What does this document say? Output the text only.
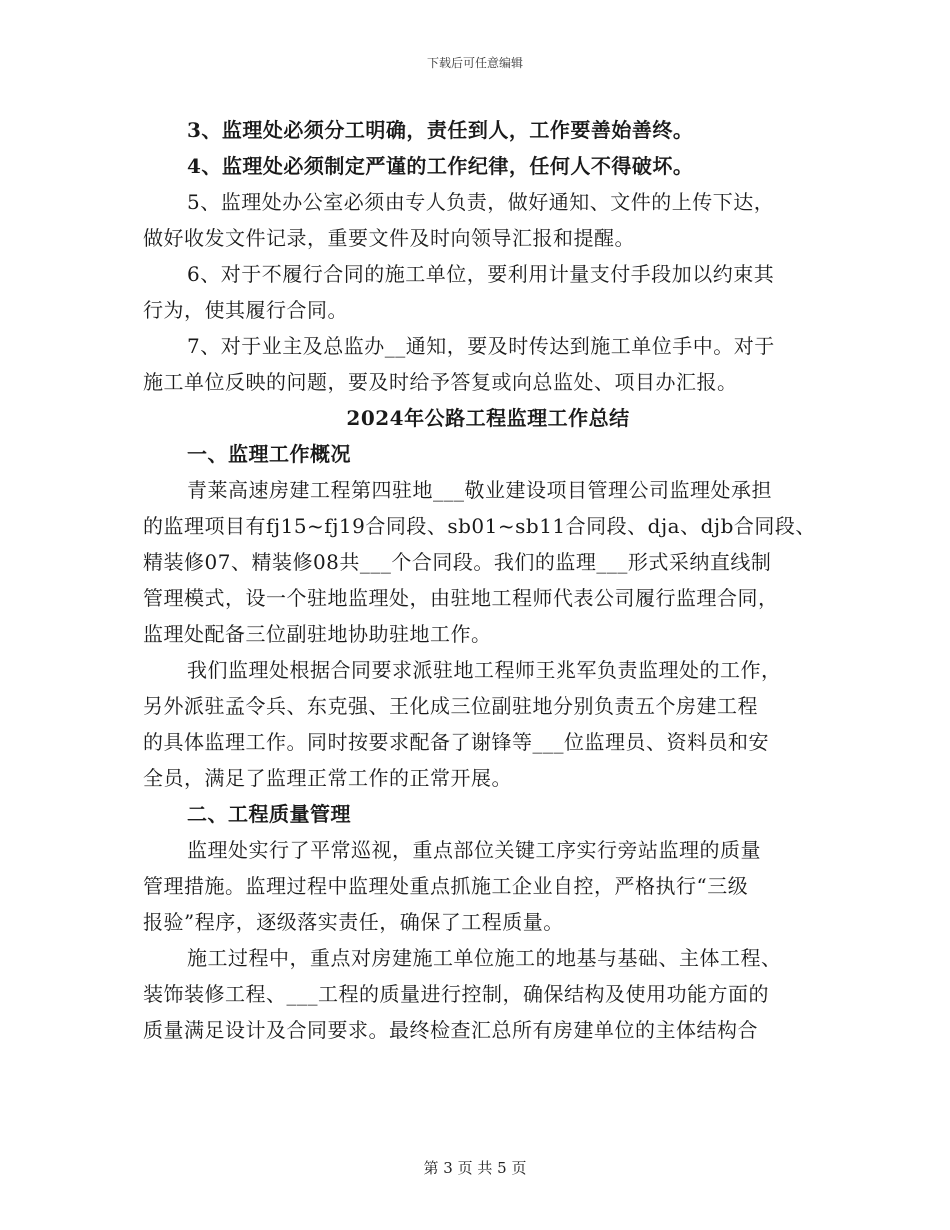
下载后可任意编辑
3、监理处必须分工明确，责任到人，工作要善始善终。
4、监理处必须制定严谨的工作纪律，任何人不得破坏。
5、监理处办公室必须由专人负责，做好通知、文件的上传下达，
做好收发文件记录，重要文件及时向领导汇报和提醒。
6、对于不履行合同的施工单位，要利用计量支付手段加以约束其
行为，使其履行合同。
7、对于业主及总监办__通知，要及时传达到施工单位手中。对于
施工单位反映的问题，要及时给予答复或向总监处、项目办汇报。
2024年公路工程监理工作总结
一、监理工作概况
青莱高速房建工程第四驻地___敬业建设项目管理公司监理处承担
的监理项目有fj15~fj19合同段、sb01~sb11合同段、dja、djb合同段、
精装修07、精装修08共___个合同段。我们的监理___形式采纳直线制
管理模式，设一个驻地监理处，由驻地工程师代表公司履行监理合同，
监理处配备三位副驻地协助驻地工作。
我们监理处根据合同要求派驻地工程师王兆军负责监理处的工作，
另外派驻孟令兵、东克强、王化成三位副驻地分别负责五个房建工程
的具体监理工作。同时按要求配备了谢锋等___位监理员、资料员和安
全员，满足了监理正常工作的正常开展。
二、工程质量管理
监理处实行了平常巡视，重点部位关键工序实行旁站监理的质量
管理措施。监理过程中监理处重点抓施工企业自控，严格执行“三级
报验”程序，逐级落实责任，确保了工程质量。
施工过程中，重点对房建施工单位施工的地基与基础、主体工程、
装饰装修工程、___工程的质量进行控制，确保结构及使用功能方面的
质量满足设计及合同要求。最终检查汇总所有房建单位的主体结构合
第 3 页 共 5 页
